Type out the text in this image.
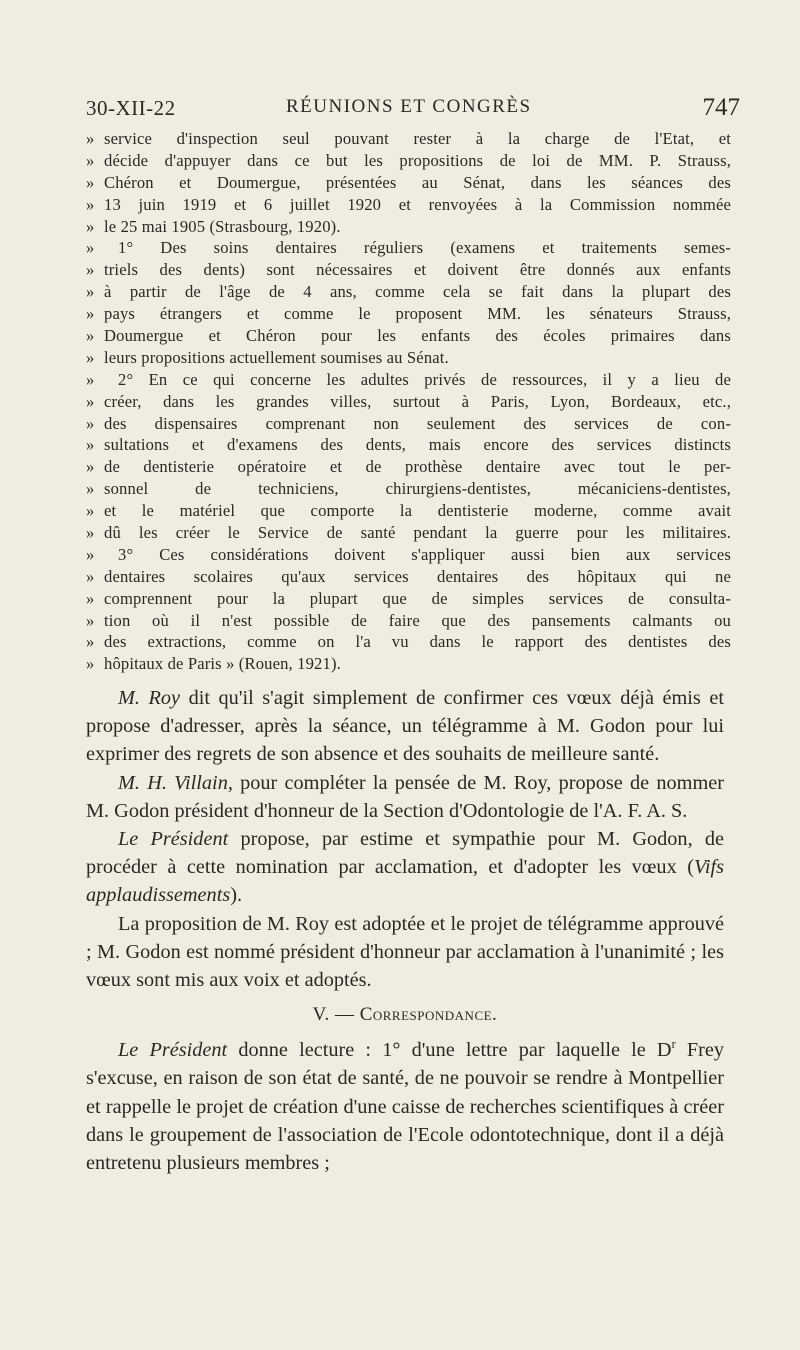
30-XII-22	RÉUNIONS ET CONGRÈS	747
» service d'inspection seul pouvant rester à la charge de l'Etat, et
» décide d'appuyer dans ce but les propositions de loi de MM. P. Strauss,
» Chéron et Doumergue, présentées au Sénat, dans les séances des
» 13 juin 1919 et 6 juillet 1920 et renvoyées à la Commission nommée
» le 25 mai 1905 (Strasbourg, 1920).
» 1° Des soins dentaires réguliers (examens et traitements semes-
» triels des dents) sont nécessaires et doivent être donnés aux enfants
» à partir de l'âge de 4 ans, comme cela se fait dans la plupart des
» pays étrangers et comme le proposent MM. les sénateurs Strauss,
» Doumergue et Chéron pour les enfants des écoles primaires dans
» leurs propositions actuellement soumises au Sénat.
» 2° En ce qui concerne les adultes privés de ressources, il y a lieu de
» créer, dans les grandes villes, surtout à Paris, Lyon, Bordeaux, etc.,
» des dispensaires comprenant non seulement des services de con-
» sultations et d'examens des dents, mais encore des services distincts
» de dentisterie opératoire et de prothèse dentaire avec tout le per-
» sonnel de techniciens, chirurgiens-dentistes, mécaniciens-dentistes,
» et le matériel que comporte la dentisterie moderne, comme avait
» dû les créer le Service de santé pendant la guerre pour les militaires.
» 3° Ces considérations doivent s'appliquer aussi bien aux services
» dentaires scolaires qu'aux services dentaires des hôpitaux qui ne
» comprennent pour la plupart que de simples services de consulta-
» tion où il n'est possible de faire que des pansements calmants ou
» des extractions, comme on l'a vu dans le rapport des dentistes des
» hôpitaux de Paris » (Rouen, 1921).

M. Roy dit qu'il s'agit simplement de confirmer ces vœux déjà émis et propose d'adresser, après la séance, un télégramme à M. Godon pour lui exprimer des regrets de son absence et des souhaits de meilleure santé.

M. H. Villain, pour compléter la pensée de M. Roy, propose de nommer M. Godon président d'honneur de la Section d'Odontologie de l'A. F. A. S.

Le Président propose, par estime et sympathie pour M. Godon, de procéder à cette nomination par acclamation, et d'adopter les vœux (Vifs applaudissements).

La proposition de M. Roy est adoptée et le projet de télégramme approuvé ; M. Godon est nommé président d'honneur par acclamation à l'unanimité ; les vœux sont mis aux voix et adoptés.

V. — Correspondance.

Le Président donne lecture : 1° d'une lettre par laquelle le $D^r$ Frey s'excuse, en raison de son état de santé, de ne pouvoir se rendre à Montpellier et rappelle le projet de création d'une caisse de recherches scientifiques à créer dans le groupement de l'association de l'Ecole odontotechnique, dont il a déjà entretenu plusieurs membres ;
